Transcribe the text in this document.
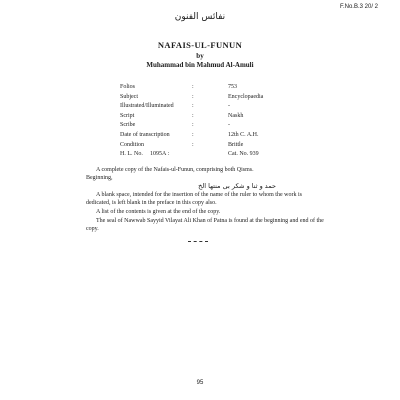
F.No.B.3 20/ 2
نفائس الفنون
NAFAIS-UL-FUNUN
by
Muhammad bin Mahmud Al-Amuli
Folios	:	753
Subject	:	Encyclopaedia
Illustrated/Illuminated	:	-
Script	:	Naskh
Scribe	:	-
Date of transcription	:	12th C. A.H.
Condition	:	Brittle
H. L. No.	1095A :	Cat. No. 939
A complete copy of the Nafais-ul-Funun, comprising both Qisms.
Beginning,
حمد و ثنا و شکر بی منتها الخ
A blank space, intended for the insertion of the name of the ruler to whom the work is dedicated, is left blank in the preface in this copy also.
A list of the contents is given at the end of the copy.
The seal of Nawwab Sayyid Vilayat Ali Khan of Patna is found at the beginning and end of the copy.
95
